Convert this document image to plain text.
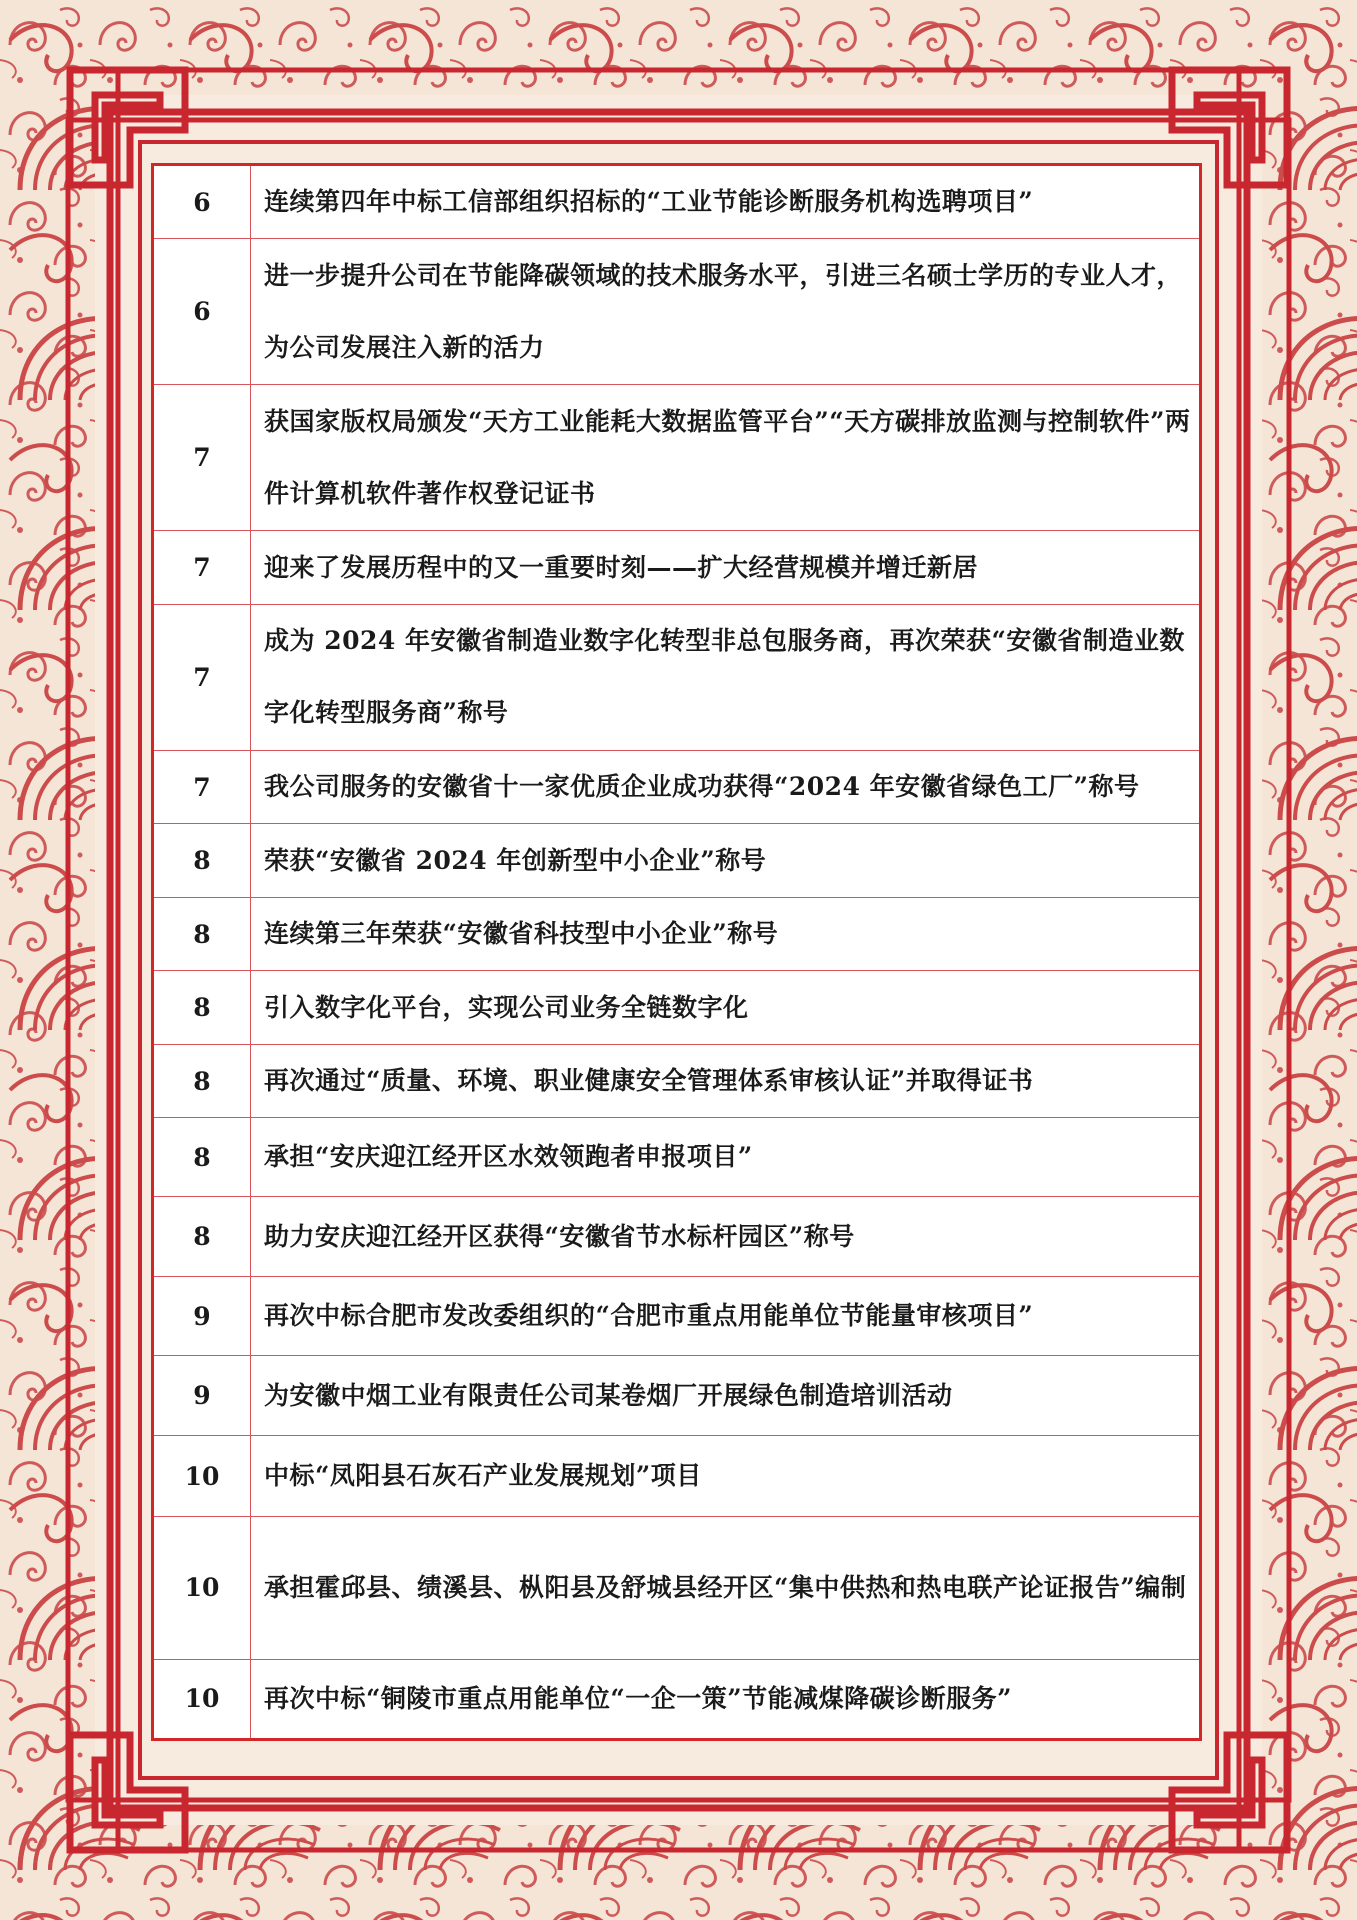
6	连续第四年中标工信部组织招标的“工业节能诊断服务机构选聘项目”
6	进一步提升公司在节能降碳领域的技术服务水平，引进三名硕士学历的专业人才，为公司发展注入新的活力
7	获国家版权局颁发“天方工业能耗大数据监管平台”“天方碳排放监测与控制软件”两件计算机软件著作权登记证书
7	迎来了发展历程中的又一重要时刻——扩大经营规模并增迁新居
7	成为 2024 年安徽省制造业数字化转型非总包服务商，再次荣获“安徽省制造业数字化转型服务商”称号
7	我公司服务的安徽省十一家优质企业成功获得“2024 年安徽省绿色工厂”称号
8	荣获“安徽省 2024 年创新型中小企业”称号
8	连续第三年荣获“安徽省科技型中小企业”称号
8	引入数字化平台，实现公司业务全链数字化
8	再次通过“质量、环境、职业健康安全管理体系审核认证”并取得证书
8	承担“安庆迎江经开区水效领跑者申报项目”
8	助力安庆迎江经开区获得“安徽省节水标杆园区”称号
9	再次中标合肥市发改委组织的“合肥市重点用能单位节能量审核项目”
9	为安徽中烟工业有限责任公司某卷烟厂开展绿色制造培训活动
10	中标“凤阳县石灰石产业发展规划”项目
10	承担霍邱县、绩溪县、枞阳县及舒城县经开区“集中供热和热电联产论证报告”编制
10	再次中标“铜陵市重点用能单位“一企一策”节能减煤降碳诊断服务”
